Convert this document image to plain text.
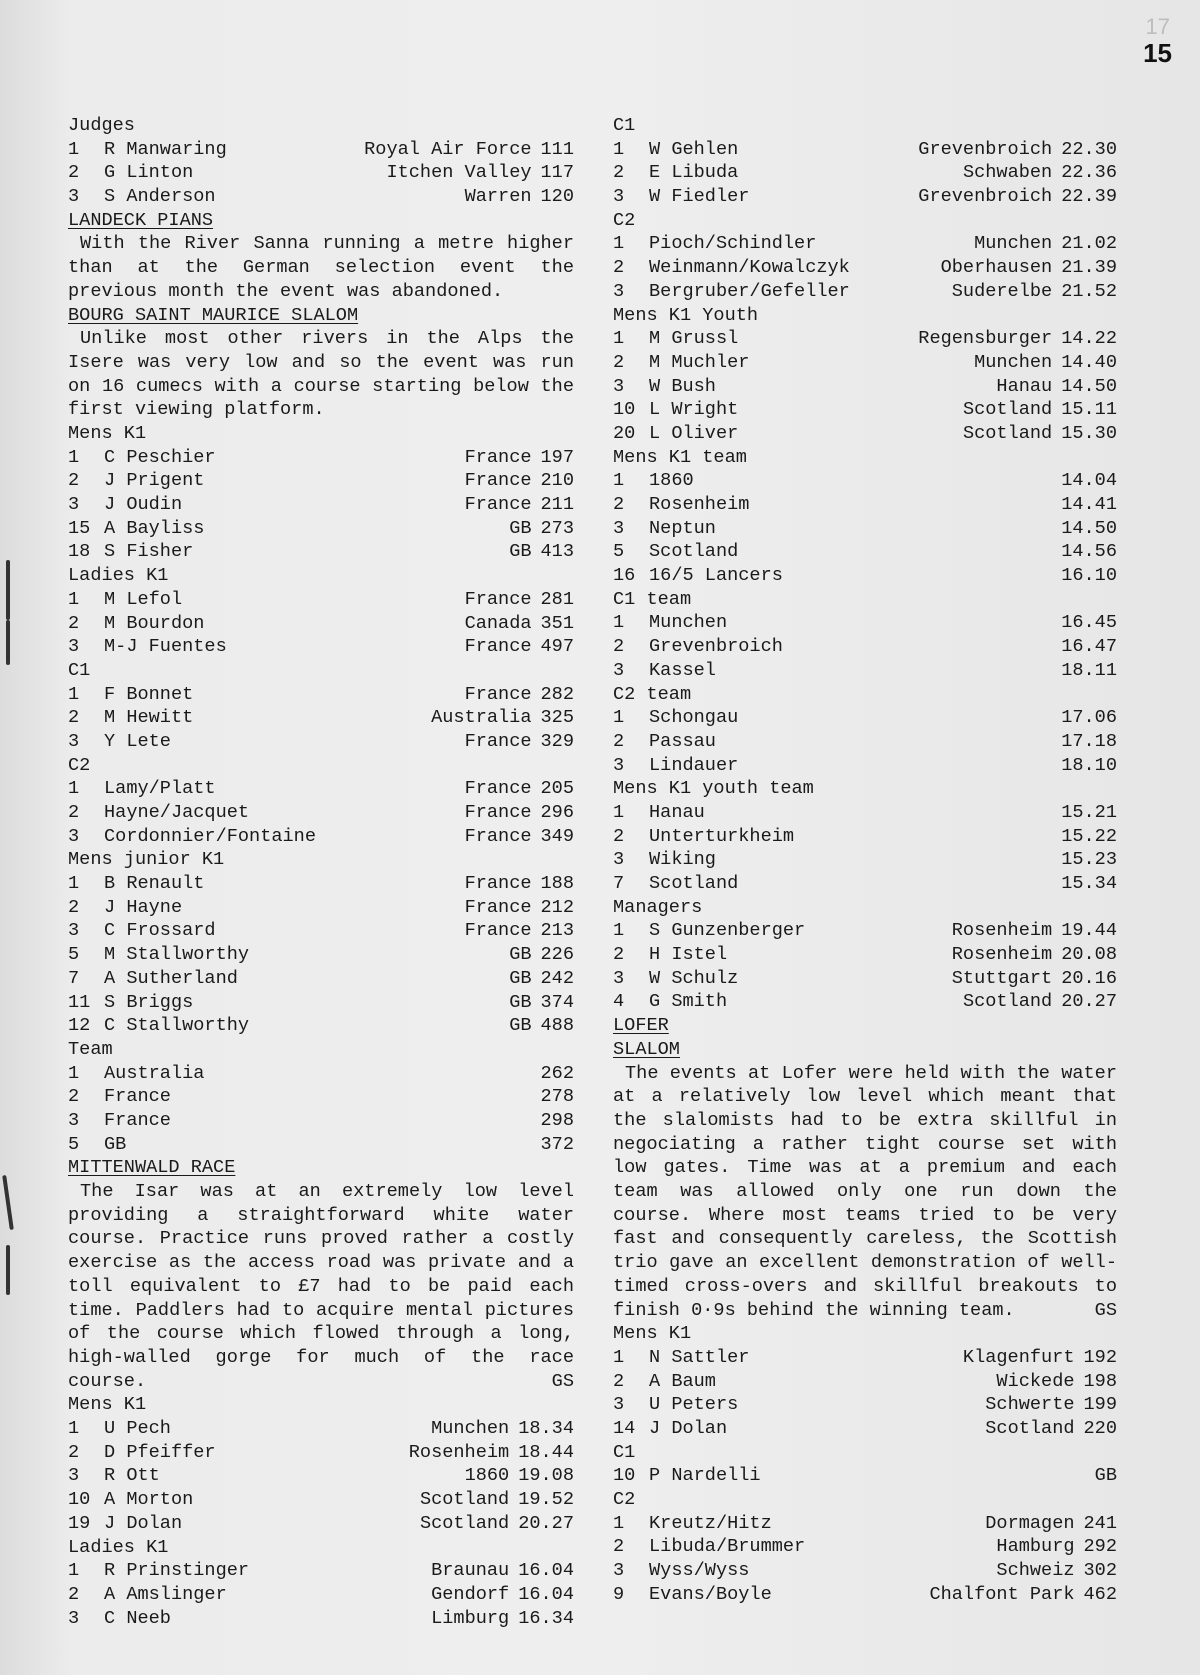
17
15
Judges
1	R Manwaring	Royal Air Force 111
2	G Linton	Itchen Valley 117
3	S Anderson	Warren 120
LANDECK PIANS

With the River Sanna running a metre higher than at the German selection event the previous month the event was abandoned.

BOURG SAINT MAURICE SLALOM

Unlike most other rivers in the Alps the Isere was very low and so the event was run on 16 cumecs with a course starting below the first viewing platform.

Mens K1
1	C Peschier	France 197
2	J Prigent	France 210
3	J Oudin	France 211
15 A Bayliss	GB 273
18 S Fisher	GB 413
Ladies K1
1	M Lefol	France 281
2	M Bourdon	Canada 351
3	M-J Fuentes	France 497
C1
1	F Bonnet	France 282
2	M Hewitt	Australia 325
3	Y Lete	France 329
C2
1	Lamy/Platt	France 205
2	Hayne/Jacquet	France 296
3	Cordonnier/Fontaine	France 349
Mens junior K1
1	B Renault	France 188
2	J Hayne	France 212
3	C Frossard	France 213
5	M Stallworthy	GB 226
7	A Sutherland	GB 242
11 S Briggs	GB 374
12 C Stallworthy	GB 488
Team
1	Australia	262
2	France	278
3	France	298
5	GB	372
MITTENWALD RACE

The Isar was at an extremely low level providing a straightforward white water course. Practice runs proved rather a costly exercise as the access road was private and a toll equivalent to £7 had to be paid each time. Paddlers had to acquire mental pictures of the course which flowed through a long, high-walled gorge for much of the race course.	GS

Mens K1
1	U Pech	Munchen 18.34
2	D Pfeiffer	Rosenheim 18.44
3	R Ott	1860 19.08
10 A Morton	Scotland 19.52
19 J Dolan	Scotland 20.27
Ladies K1
1	R Prinstinger	Braunau 16.04
2	A Amslinger	Gendorf 16.04
3	C Neeb	Limburg 16.34
C1
1	W Gehlen	Grevenbroich 22.30
2	E Libuda	Schwaben 22.36
3	W Fiedler	Grevenbroich 22.39
C2
1	Pioch/Schindler	Munchen 21.02
2	Weinmann/Kowalczyk	Oberhausen 21.39
3	Bergruber/Gefeller	Suderelbe 21.52
Mens K1 Youth
1	M Grussl	Regensburger 14.22
2	M Muchler	Munchen 14.40
3	W Bush	Hanau 14.50
10 L Wright	Scotland 15.11
20 L Oliver	Scotland 15.30
Mens K1 team
1	1860	14.04
2	Rosenheim	14.41
3	Neptun	14.50
5	Scotland	14.56
16 16/5 Lancers	16.10
C1 team
1	Munchen	16.45
2	Grevenbroich	16.47
3	Kassel	18.11
C2 team
1	Schongau	17.06
2	Passau	17.18
3	Lindauer	18.10
Mens K1 youth team
1	Hanau	15.21
2	Unterturkheim	15.22
3	Wiking	15.23
7	Scotland	15.34
Managers
1	S Gunzenberger	Rosenheim 19.44
2	H Istel	Rosenheim 20.08
3	W Schulz	Stuttgart 20.16
4	G Smith	Scotland 20.27
LOFER
SLALOM

The events at Lofer were held with the water at a relatively low level which meant that the slalomists had to be extra skillful in negociating a rather tight course set with low gates. Time was at a premium and each team was allowed only one run down the course. Where most teams tried to be very fast and consequently careless, the Scottish trio gave an excellent demonstration of well-timed cross-overs and skillful breakouts to finish 0·9s behind the winning team.	GS

Mens K1
1	N Sattler	Klagenfurt 192
2	A Baum	Wickede 198
3	U Peters	Schwerte 199
14 J Dolan	Scotland 220
C1
10 P Nardelli	GB
C2
1	Kreutz/Hitz	Dormagen 241
2	Libuda/Brummer	Hamburg 292
3	Wyss/Wyss	Schweiz 302
9	Evans/Boyle	Chalfont Park 462
